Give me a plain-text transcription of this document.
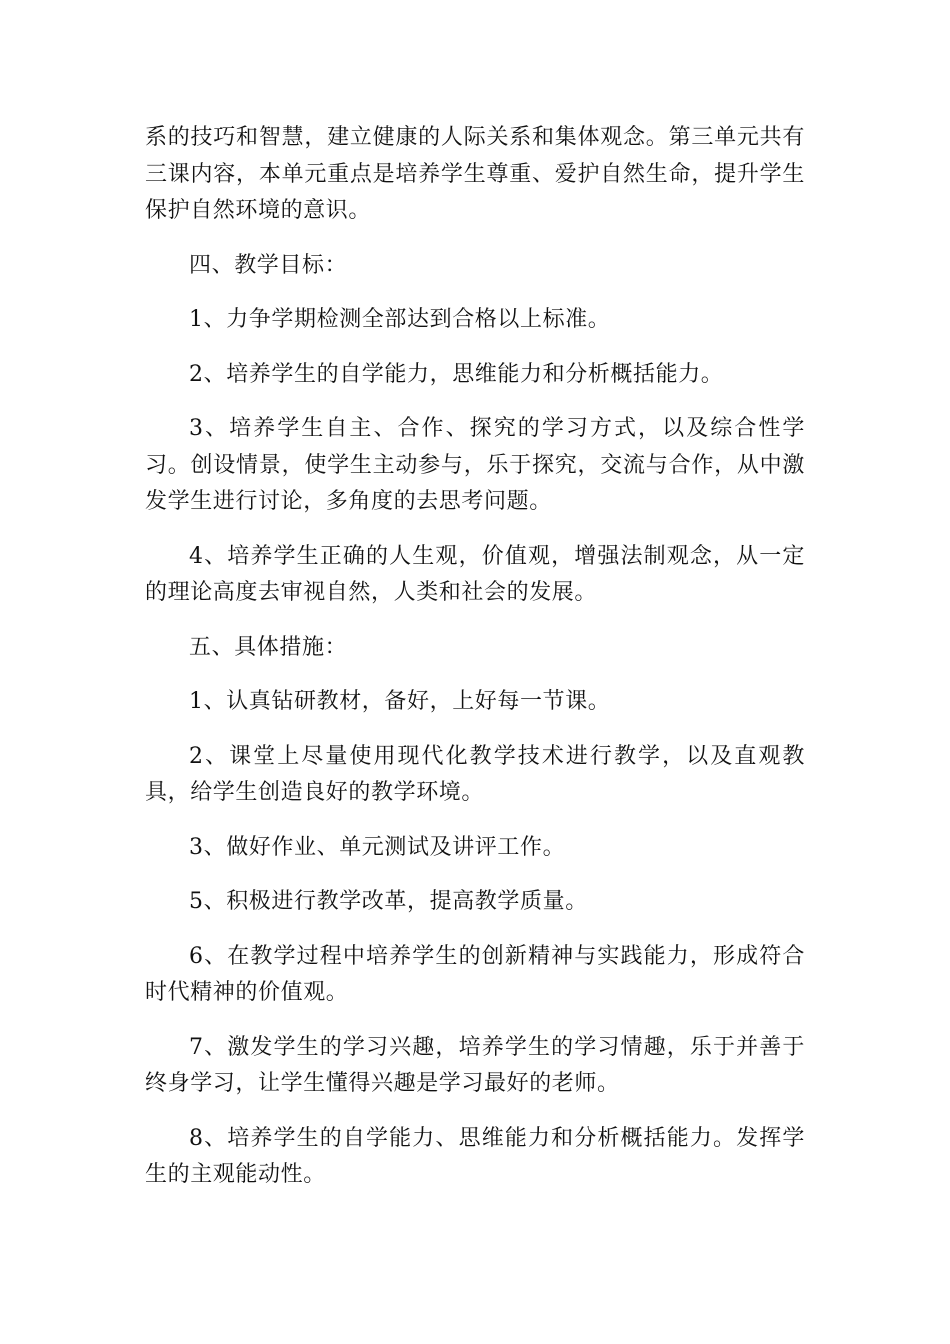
系的技巧和智慧，建立健康的人际关系和集体观念。第三单元共有三课内容，本单元重点是培养学生尊重、爱护自然生命，提升学生保护自然环境的意识。

四、教学目标：

1、力争学期检测全部达到合格以上标准。

2、培养学生的自学能力，思维能力和分析概括能力。

3、培养学生自主、合作、探究的学习方式，以及综合性学习。创设情景，使学生主动参与，乐于探究，交流与合作，从中激发学生进行讨论，多角度的去思考问题。

4、培养学生正确的人生观，价值观，增强法制观念，从一定的理论高度去审视自然，人类和社会的发展。

五、具体措施：

1、认真钻研教材，备好，上好每一节课。

2、课堂上尽量使用现代化教学技术进行教学，以及直观教具，给学生创造良好的教学环境。

3、做好作业、单元测试及讲评工作。

5、积极进行教学改革，提高教学质量。

6、在教学过程中培养学生的创新精神与实践能力，形成符合时代精神的价值观。

7、激发学生的学习兴趣，培养学生的学习情趣，乐于并善于终身学习，让学生懂得兴趣是学习最好的老师。

8、培养学生的自学能力、思维能力和分析概括能力。发挥学生的主观能动性。
